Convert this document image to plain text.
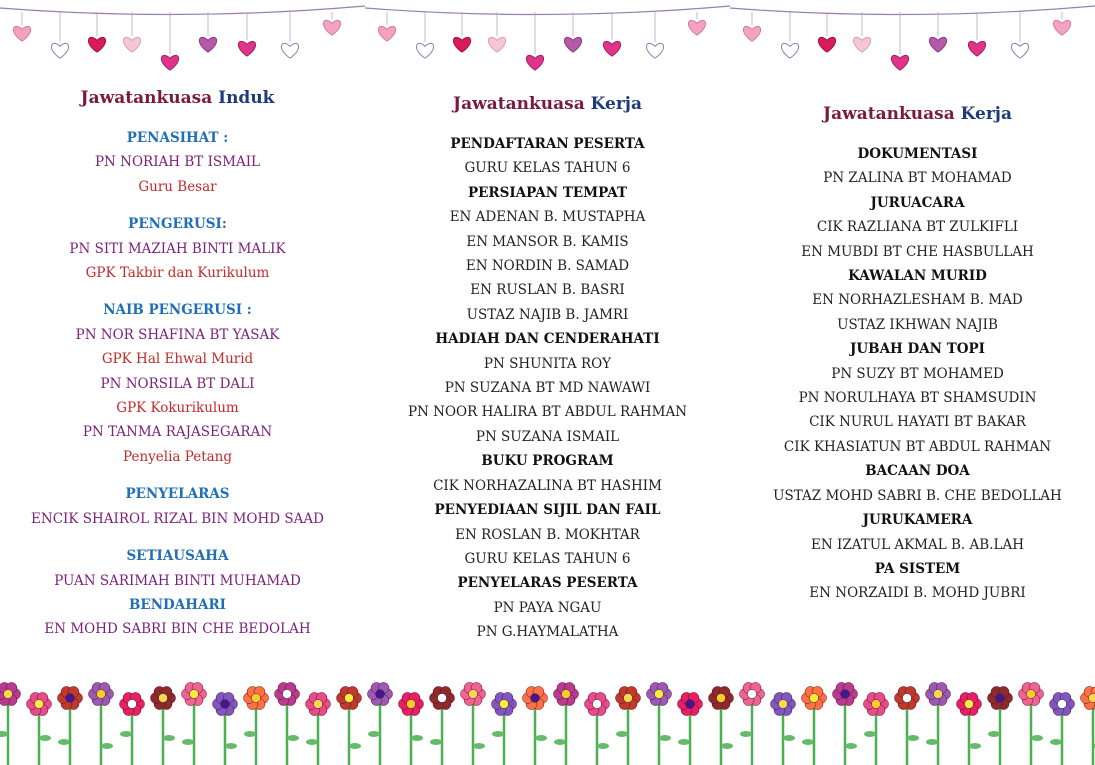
Jawatankuasa Induk
PENASIHAT :
PN NORIAH BT ISMAIL
Guru Besar
PENGERUSI:
PN SITI MAZIAH BINTI MALIK
GPK Takbir dan Kurikulum
NAIB PENGERUSI :
PN NOR SHAFINA BT YASAK
GPK Hal Ehwal Murid
PN NORSILA BT DALI
GPK Kokurikulum
PN TANMA RAJASEGARAN
Penyelia Petang
PENYELARAS
ENCIK SHAIROL RIZAL BIN MOHD SAAD
SETIAUSAHA
PUAN SARIMAH BINTI MUHAMAD
BENDAHARI
EN MOHD SABRI BIN CHE BEDOLAH
Jawatankuasa Kerja
PENDAFTARAN PESERTA
GURU KELAS TAHUN 6
PERSIAPAN TEMPAT
EN ADENAN B. MUSTAPHA
EN MANSOR B. KAMIS
EN NORDIN B. SAMAD
EN RUSLAN B. BASRI
USTAZ NAJIB B. JAMRI
HADIAH DAN CENDERAHATI
PN SHUNITA ROY
PN SUZANA BT MD NAWAWI
PN NOOR HALIRA BT ABDUL RAHMAN
PN SUZANA ISMAIL
BUKU PROGRAM
CIK NORHAZALINA BT HASHIM
PENYEDIAAN SIJIL DAN FAIL
EN ROSLAN B. MOKHTAR
GURU KELAS TAHUN 6
PENYELARAS PESERTA
PN PAYA NGAU
PN G.HAYMALATHA
Jawatankuasa Kerja
DOKUMENTASI
PN ZALINA BT MOHAMAD
JURUACARA
CIK RAZLIANA BT ZULKIFLI
EN MUBDI BT CHE HASBULLAH
KAWALAN MURID
EN NORHAZLESHAM B. MAD
USTAZ IKHWAN NAJIB
JUBAH DAN TOPI
PN SUZY BT MOHAMED
PN NORULHAYA BT SHAMSUDIN
CIK NURUL HAYATI BT BAKAR
CIK KHASIATUN BT ABDUL RAHMAN
BACAAN DOA
USTAZ MOHD SABRI B. CHE BEDOLLAH
JURUKAMERA
EN IZATUL AKMAL B. AB.LAH
PA SISTEM
EN NORZAIDI B. MOHD JUBRI
